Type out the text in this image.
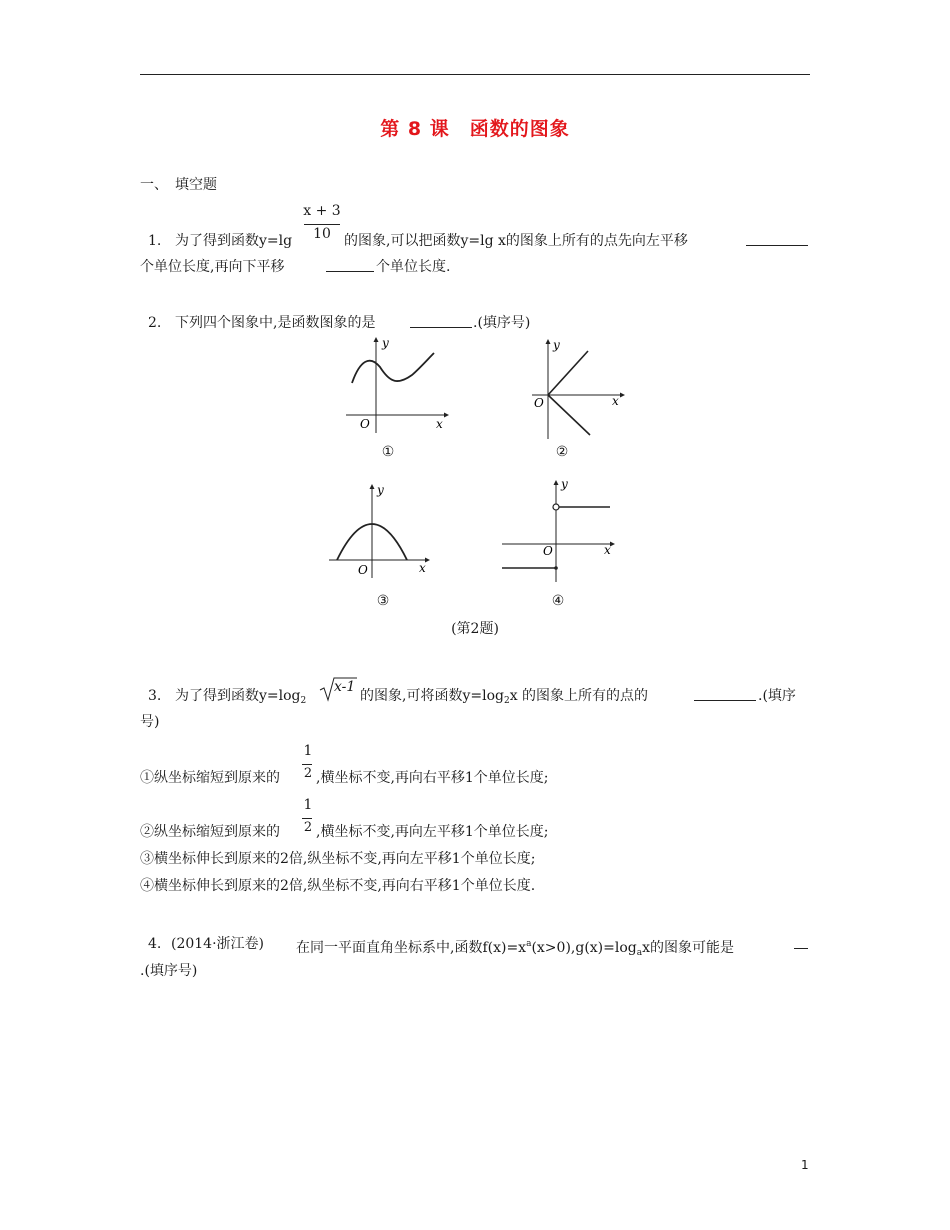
第 8 课　函数的图象
一、　填空题
x + 3
10
1. 为了得到函数y=lg	的图象,可以把函数y=lg x的图象上所有的点先向左平移
个单位长度,再向下平移	个单位长度.
2. 下列四个图象中,是函数图象的是	.(填序号)
y
O	x
①
y
O	x
②
y
O	x
③
y
O	x
④
(第2题)
3. 为了得到函数$y=\log_2$
x-1
的图象,可将函数$y=\log_2x$ 的图象上所有的点的	.(填序
号)
1
2
①纵坐标缩短到原来的	,横坐标不变,再向右平移1个单位长度;
1
2
②纵坐标缩短到原来的	,横坐标不变,再向左平移1个单位长度;
③横坐标伸长到原来的2倍,纵坐标不变,再向左平移1个单位长度;
④横坐标伸长到原来的2倍,纵坐标不变,再向右平移1个单位长度.
4. (2014·浙江卷) 在同一平面直角坐标系中,函数$f(x)=x^a(x>0),g(x)=\log_ax$的图象可能是
.(填序号)
1
